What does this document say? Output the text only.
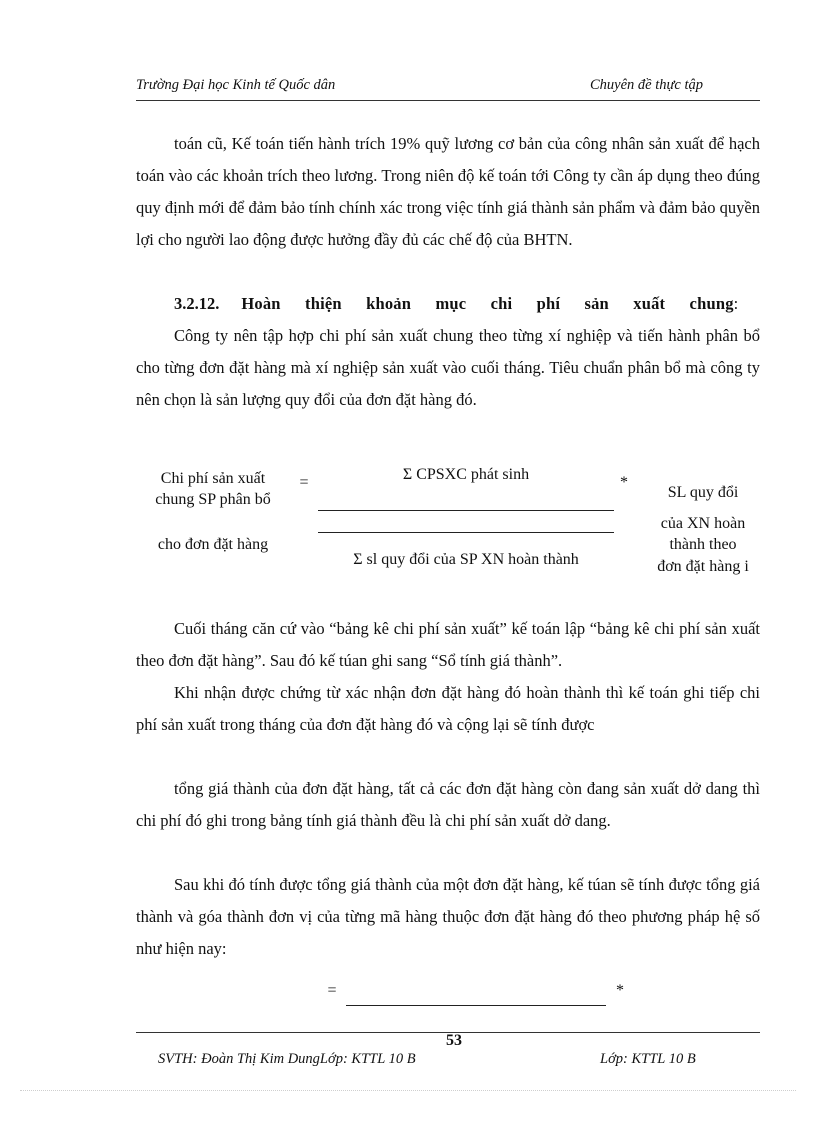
Trường Đại học Kinh tế Quốc dân	Chuyên đề thực tập
toán cũ, Kế toán tiến hành trích 19% quỹ lương cơ bản của công nhân sản xuất để hạch toán vào các khoản trích theo lương. Trong niên độ kế toán tới Công ty cần áp dụng theo đúng quy định mới để đảm bảo tính chính xác trong việc tính giá thành sản phẩm và đảm bảo quyền lợi cho người lao động được hưởng đầy đủ các chế độ của BHTN.
3.2.12. Hoàn thiện khoản mục chi phí sản xuất chung:
Công ty nên tập hợp chi phí sản xuất chung theo từng xí nghiệp và tiến hành phân bổ cho từng đơn đặt hàng mà xí nghiệp sản xuất vào cuối tháng. Tiêu chuẩn phân bổ mà công ty nên chọn là sản lượng quy đổi của đơn đặt hàng đó.
Chi phí sản xuất
chung SP phân bổ
cho đơn đặt hàng
=	Σ CPSXC phát sinh
Σ sl quy đổi của SP XN hoàn thành
*
SL quy đổi
của XN hoàn
thành theo
đơn đặt hàng i
Cuối tháng căn cứ vào “bảng kê chi phí sản xuất” kế toán lập “bảng kê chi phí sản xuất theo đơn đặt hàng”. Sau đó kế túan ghi sang “Sổ tính giá thành”.
Khi nhận được chứng từ xác nhận đơn đặt hàng đó hoàn thành thì kế toán ghi tiếp chi phí sản xuất trong tháng của đơn đặt hàng đó và cộng lại sẽ tính được
tổng giá thành của đơn đặt hàng, tất cả các đơn đặt hàng còn đang sản xuất dở dang thì chi phí đó ghi trong bảng tính giá thành đều là chi phí sản xuất dở dang.
Sau khi đó tính được tổng giá thành của một đơn đặt hàng, kế túan sẽ tính được tổng giá thành và góa thành đơn vị của từng mã hàng thuộc đơn đặt hàng đó theo phương pháp hệ số như hiện nay:
=	*
53
SVTH: Đoàn Thị Kim DungLớp: KTTL 10 B	Lớp: KTTL 10 B
